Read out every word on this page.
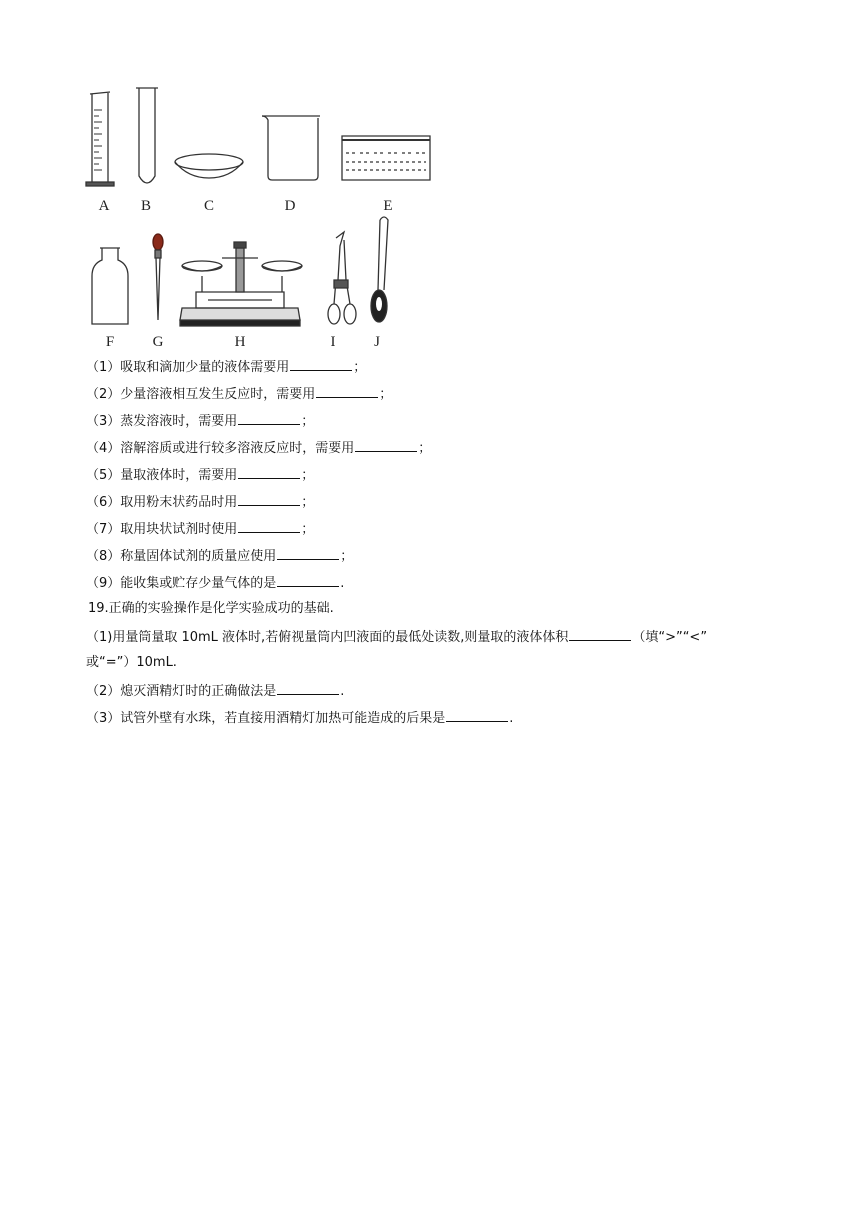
A B	C	D	E
F	G	H	I	J
（1）吸取和滴加少量的液体需要用	；
（2）少量溶液相互发生反应时，需要用	；
（3）蒸发溶液时，需要用	；
（4）溶解溶质或进行较多溶液反应时，需要用	；
（5）量取液体时，需要用	；
（6）取用粉末状药品时用	；
（7）取用块状试剂时使用	；
（8）称量固体试剂的质量应使用	；
（9）能收集或贮存少量气体的是	.
19.正确的实验操作是化学实验成功的基础.
（1)用量筒量取 10mL 液体时,若俯视量筒内凹液面的最低处读数,则量取的液体体积	（填“>”“<”
或“=”）10mL.
（2）熄灭酒精灯时的正确做法是	.
（3）试管外壁有水珠，若直接用酒精灯加热可能造成的后果是	.
